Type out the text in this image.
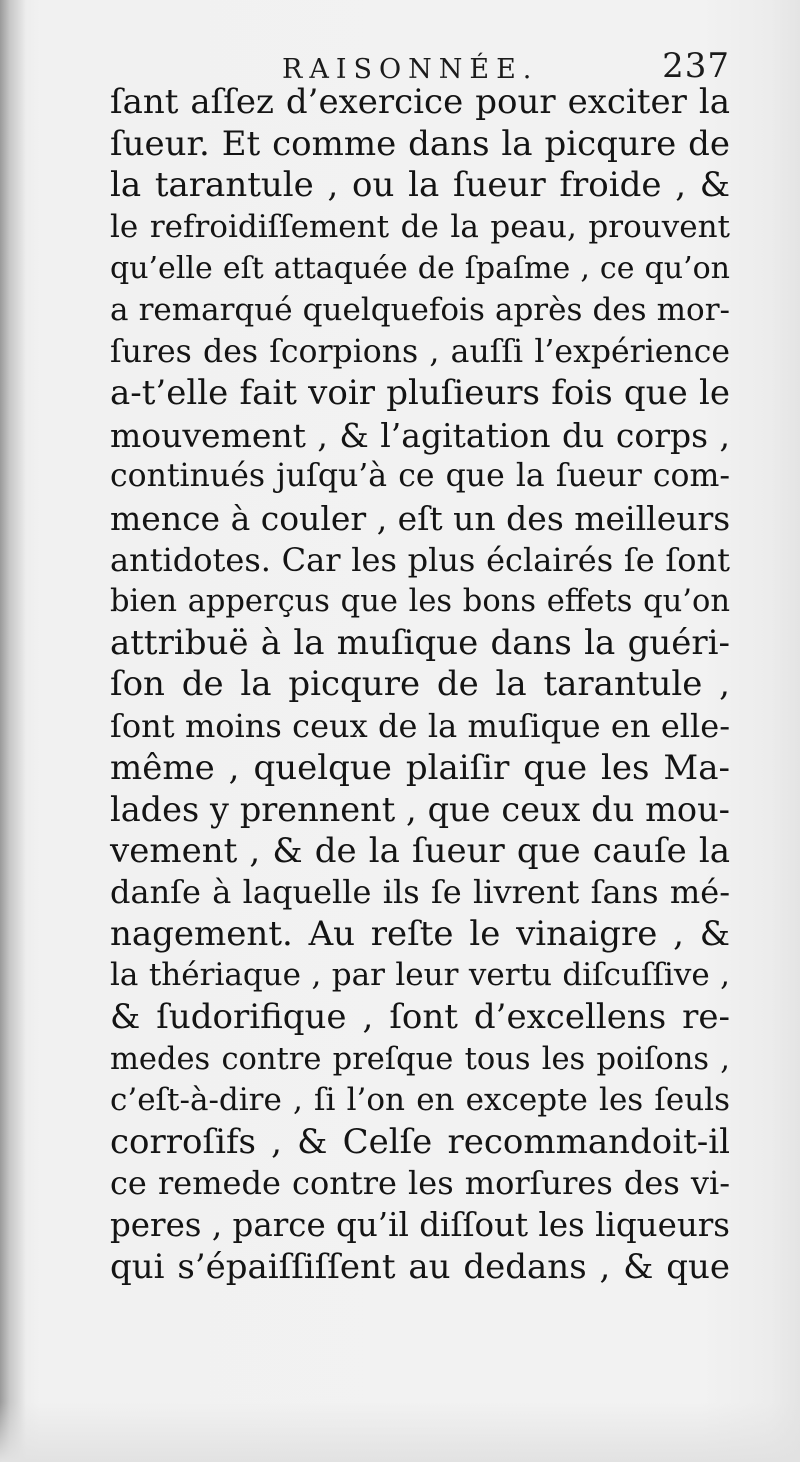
RAISONNÉE.	237
ſant aſſez d’exercice pour exciter la
ſueur. Et comme dans la picqure de
la tarantule , ou la ſueur froide , &
le refroidiſſement de la peau, prouvent
qu’elle eſt attaquée de ſpaſme , ce qu’on
a remarqué quelquefois après des mor-
ſures des ſcorpions , auſſi l’expérience
a-t’elle fait voir pluſieurs fois que le
mouvement , & l’agitation du corps ,
continués juſqu’à ce que la ſueur com-
mence à couler , eſt un des meilleurs
antidotes. Car les plus éclairés ſe ſont
bien apperçus que les bons effets qu’on
attribuë à la muſique dans la guéri-
ſon de la picqure de la tarantule ,
ſont moins ceux de la muſique en elle-
même , quelque plaiſir que les Ma-
lades y prennent , que ceux du mou-
vement , & de la ſueur que cauſe la
danſe à laquelle ils ſe livrent ſans mé-
nagement. Au reſte le vinaigre , &
la thériaque , par leur vertu diſcuſſive ,
& ſudorifique , ſont d’excellens re-
medes contre preſque tous les poiſons ,
c’eſt-à-dire , ſi l’on en excepte les ſeuls
corroſifs , & Celſe recommandoit-il
ce remede contre les morſures des vi-
peres , parce qu’il diſſout les liqueurs
qui s’épaiſſiſſent au dedans , & que
